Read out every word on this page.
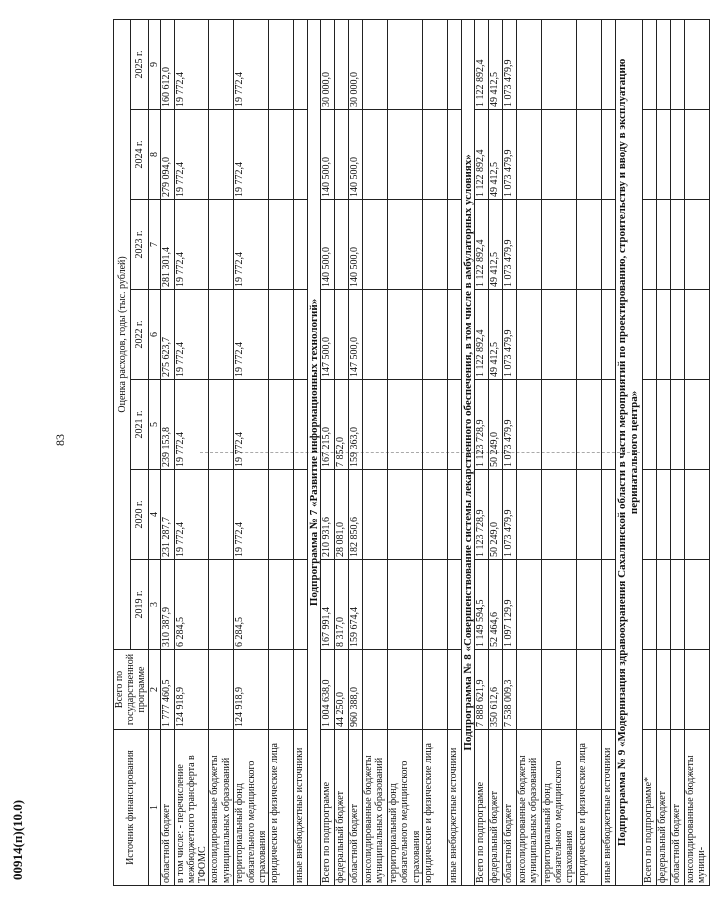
83
00914(п)(10.0)	Источник финансирования	Всего по государственной программе	Оценка расходов, годы (тыс. рублей)						
		2019 г.	2020 г.	2021 г.	2022 г.	2023 г.	2024 г.	2025 г.
1	2	3	4	5	6	7	8	9
областной бюджет	1 777 460,5	310 387,9	231 287,7	239 153,8	275 623,7	281 301,4	279 094,0	160 612,0
в том числе: - перечисление межбюджетного трансферта в ТФОМС	124 918,9	6 284,5	19 772,4	19 772,4	19 772,4	19 772,4	19 772,4	19 772,4
консолидированные бюджеты муниципальных образований								
территориальный фонд обязательного медицинского страхования	124 918,9	6 284,5	19 772,4	19 772,4	19 772,4	19 772,4	19 772,4	19 772,4
юридические и физические лица								
иные внебюджетные источники								
Подпрограмма № 7 «Развитие информационных технологий»								
Всего по подпрограмме	1 004 638,0	167 991,4	210 931,6	167 215,0	147 500,0	140 500,0	140 500,0	30 000,0
федеральный бюджет	44 250,0	8 317,0	28 081,0	7 852,0				
областной бюджет	960 388,0	159 674,4	182 850,6	159 363,0	147 500,0	140 500,0	140 500,0	30 000,0
консолидированные бюджеты муниципальных образований								
территориальный фонд обязательного медицинского страхования								
юридические и физические лица								
иные внебюджетные источники								
Подпрограмма № 8 «Совершенствование системы лекарственного обеспечения, в том числе в амбулаторных условиях»								
Всего по подпрограмме	7 888 621,9	1 149 594,5	1 123 728,9	1 123 728,9	1 122 892,4	1 122 892,4	1 122 892,4	1 122 892,4
федеральный бюджет	350 612,6	52 464,6	50 249,0	50 249,0	49 412,5	49 412,5	49 412,5	49 412,5
областной бюджет	7 538 009,3	1 097 129,9	1 073 479,9	1 073 479,9	1 073 479,9	1 073 479,9	1 073 479,9	1 073 479,9
консолидированные бюджеты муниципальных образований								
территориальный фонд обязательного медицинского страхования								
юридические и физические лица								
иные внебюджетные источники								
Подпрограмма № 9 «Модернизация здравоохранения Сахалинской области в части мероприятий по проектированию, строительству и вводу в эксплуатацию перинатального центра»								
Всего по подпрограмме*								
федеральный бюджет								
областной бюджет								
консолидированные бюджеты муници-								
